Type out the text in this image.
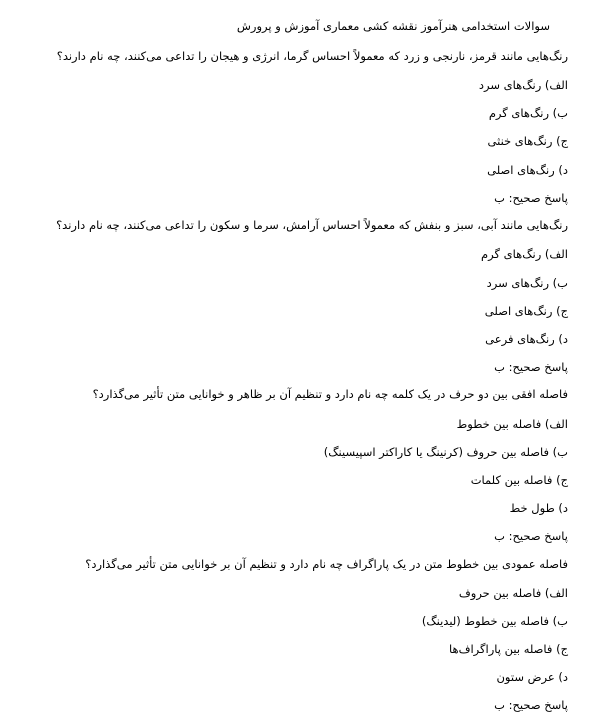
سوالات استخدامی هنرآموز نقشه کشی معماری آموزش و پرورش
رنگ‌هایی مانند قرمز، نارنجی و زرد که معمولاً احساس گرما، انرژی و هیجان را تداعی می‌کنند، چه نام دارند؟
الف) رنگ‌های سرد
ب) رنگ‌های گرم
ج) رنگ‌های خنثی
د) رنگ‌های اصلی
پاسخ صحیح: ب
رنگ‌هایی مانند آبی، سبز و بنفش که معمولاً احساس آرامش، سرما و سکون را تداعی می‌کنند، چه نام دارند؟
الف) رنگ‌های گرم
ب) رنگ‌های سرد
ج) رنگ‌های اصلی
د) رنگ‌های فرعی
پاسخ صحیح: ب
فاصله افقی بین دو حرف در یک کلمه چه نام دارد و تنظیم آن بر ظاهر و خوانایی متن تأثیر می‌گذارد؟
الف) فاصله بین خطوط
ب) فاصله بین حروف (کرنینگ یا کاراکتر اسپیسینگ)
ج) فاصله بین کلمات
د) طول خط
پاسخ صحیح: ب
فاصله عمودی بین خطوط متن در یک پاراگراف چه نام دارد و تنظیم آن بر خوانایی متن تأثیر می‌گذارد؟
الف) فاصله بین حروف
ب) فاصله بین خطوط (لیدینگ)
ج) فاصله بین پاراگراف‌ها
د) عرض ستون
پاسخ صحیح: ب
